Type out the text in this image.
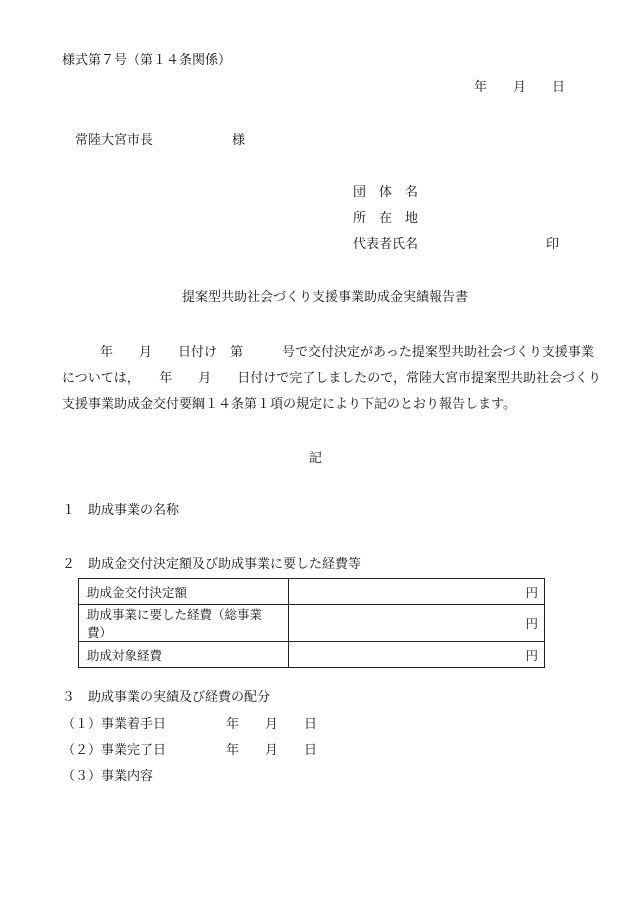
様式第７号（第１４条関係）
年　　月　　日
常陸大宮市長	様
団　体　名
所　在　地
代表者氏名	印
提案型共助社会づくり支援事業助成金実績報告書
年　　月　　日付け　第　　　号で交付決定があった提案型共助社会づくり支援事業
については，　　年　　月　　日付けで完了しましたので，常陸大宮市提案型共助社会づくり
支援事業助成金交付要綱１４条第１項の規定により下記のとおり報告します。
記
１　助成事業の名称
２　助成金交付決定額及び助成事業に要した経費等
助成金交付決定額	円
助成事業に要した経費（総事業費）	円
助成対象経費	円
３　助成事業の実績及び経費の配分
（１）事業着手日	年　　月　　日
（２）事業完了日	年　　月　　日
（３）事業内容
